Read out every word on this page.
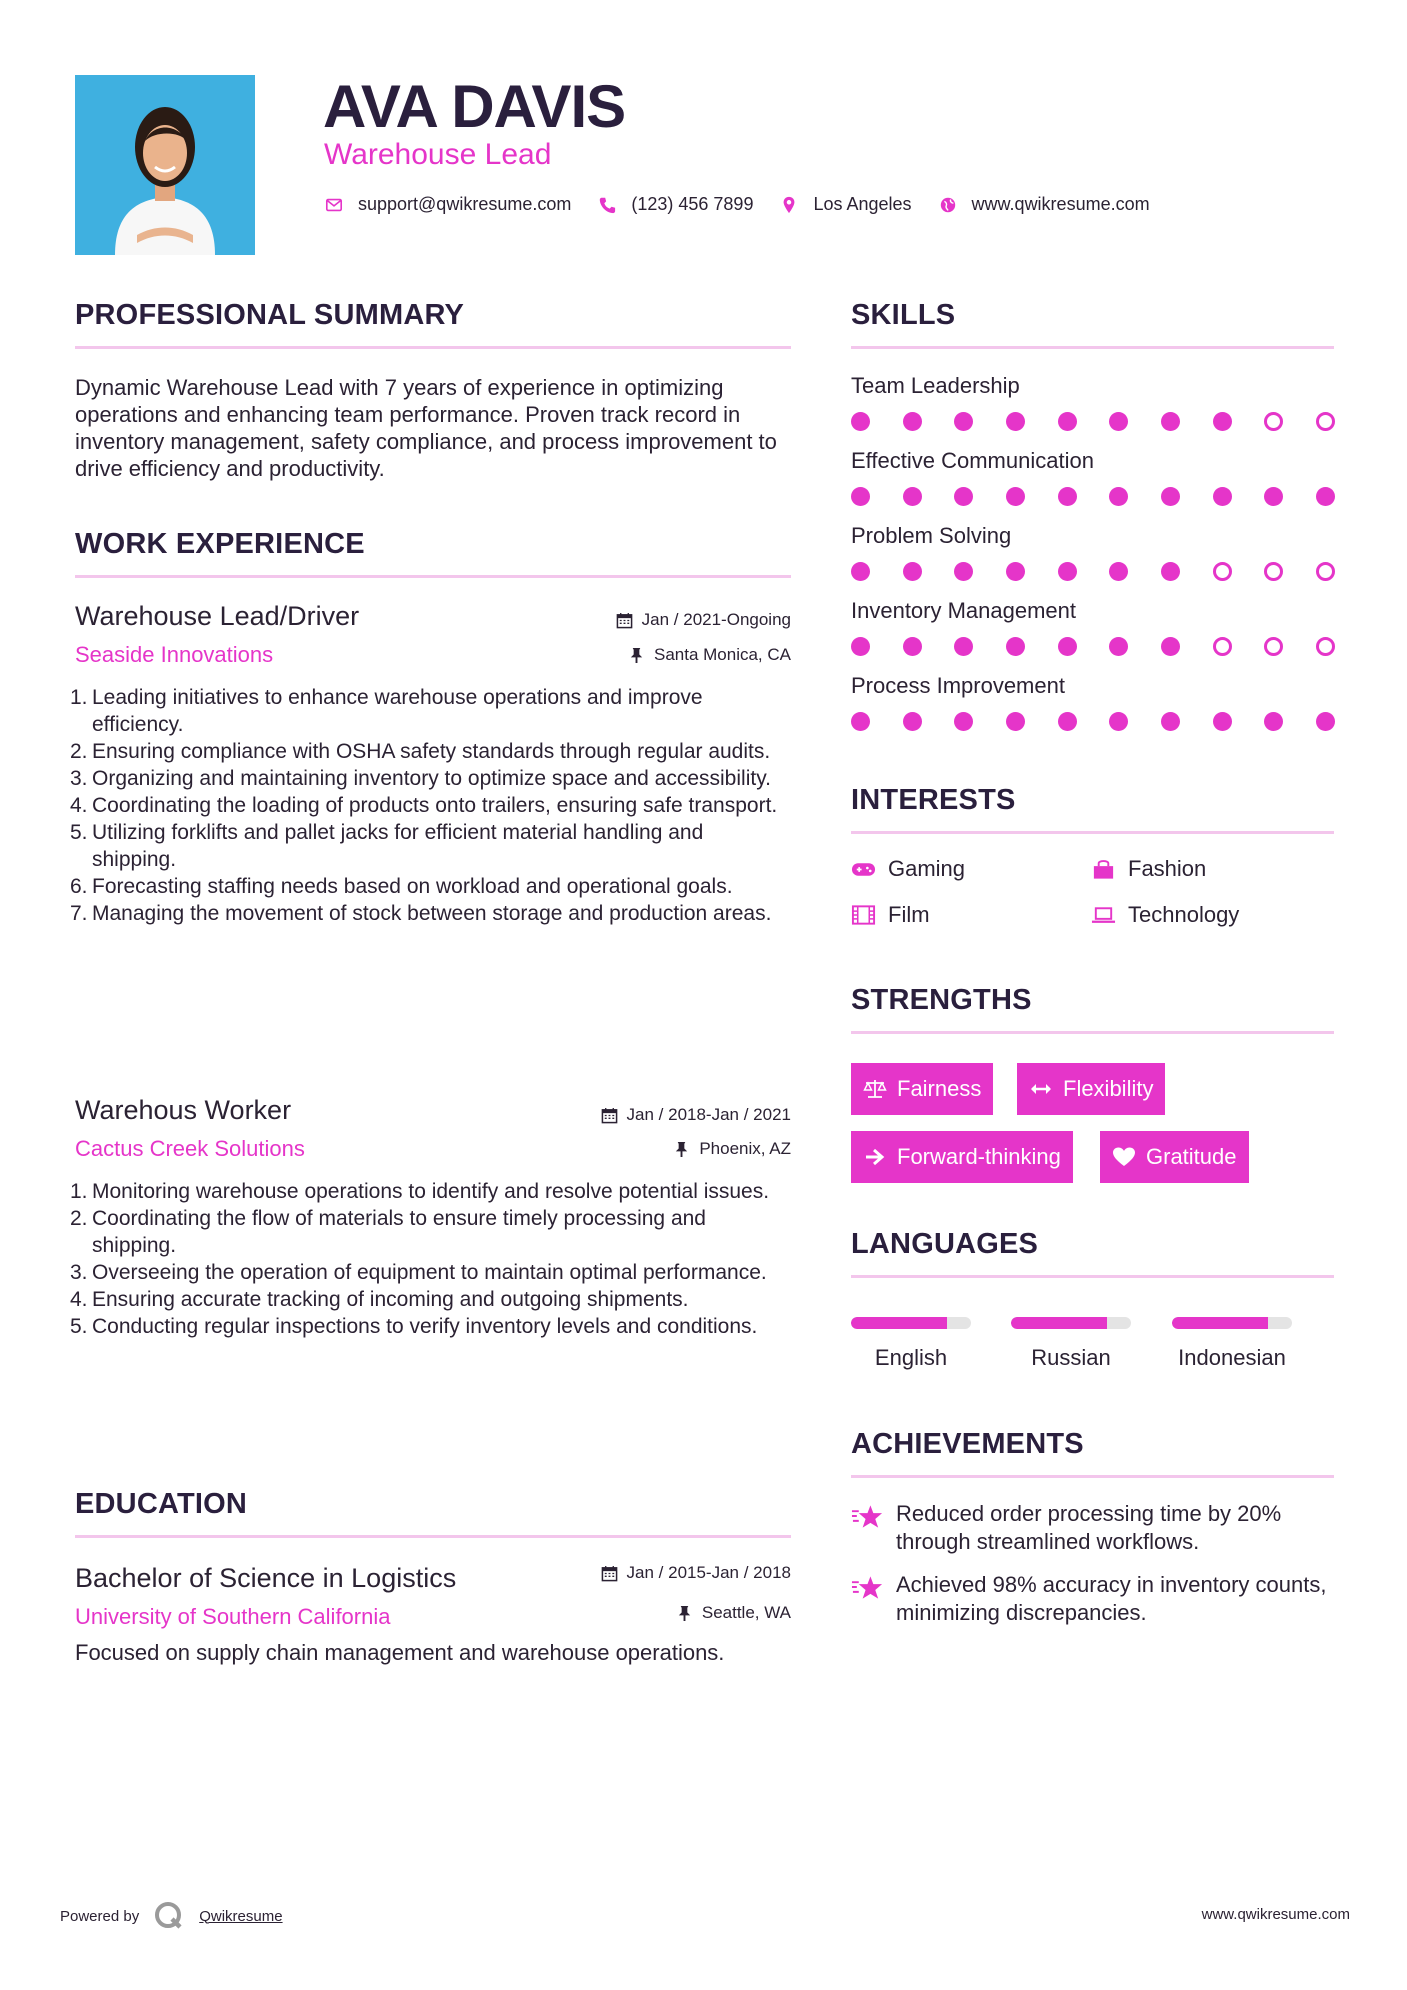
AVA DAVIS
Warehouse Lead
support@qwikresume.com	(123) 456 7899	Los Angeles	www.qwikresume.com
PROFESSIONAL SUMMARY
Dynamic Warehouse Lead with 7 years of experience in optimizing operations and enhancing team performance. Proven track record in inventory management, safety compliance, and process improvement to drive efficiency and productivity.
WORK EXPERIENCE
Warehouse Lead/Driver
Seaside Innovations
Jan / 2021-Ongoing
Santa Monica, CA
1. Leading initiatives to enhance warehouse operations and improve efficiency.
2. Ensuring compliance with OSHA safety standards through regular audits.
3. Organizing and maintaining inventory to optimize space and accessibility.
4. Coordinating the loading of products onto trailers, ensuring safe transport.
5. Utilizing forklifts and pallet jacks for efficient material handling and shipping.
6. Forecasting staffing needs based on workload and operational goals.
7. Managing the movement of stock between storage and production areas.
Warehous Worker
Cactus Creek Solutions
Jan / 2018-Jan / 2021
Phoenix, AZ
1. Monitoring warehouse operations to identify and resolve potential issues.
2. Coordinating the flow of materials to ensure timely processing and shipping.
3. Overseeing the operation of equipment to maintain optimal performance.
4. Ensuring accurate tracking of incoming and outgoing shipments.
5. Conducting regular inspections to verify inventory levels and conditions.
EDUCATION
Bachelor of Science in Logistics
University of Southern California
Jan / 2015-Jan / 2018
Seattle, WA
Focused on supply chain management and warehouse operations.
SKILLS
Team Leadership
Effective Communication
Problem Solving
Inventory Management
Process Improvement
INTERESTS
Gaming	Fashion
Film	Technology
STRENGTHS
Fairness	Flexibility
Forward-thinking	Gratitude
LANGUAGES
English	Russian	Indonesian
ACHIEVEMENTS
Reduced order processing time by 20% through streamlined workflows.
Achieved 98% accuracy in inventory counts, minimizing discrepancies.
Powered by	Qwikresume	www.qwikresume.com
